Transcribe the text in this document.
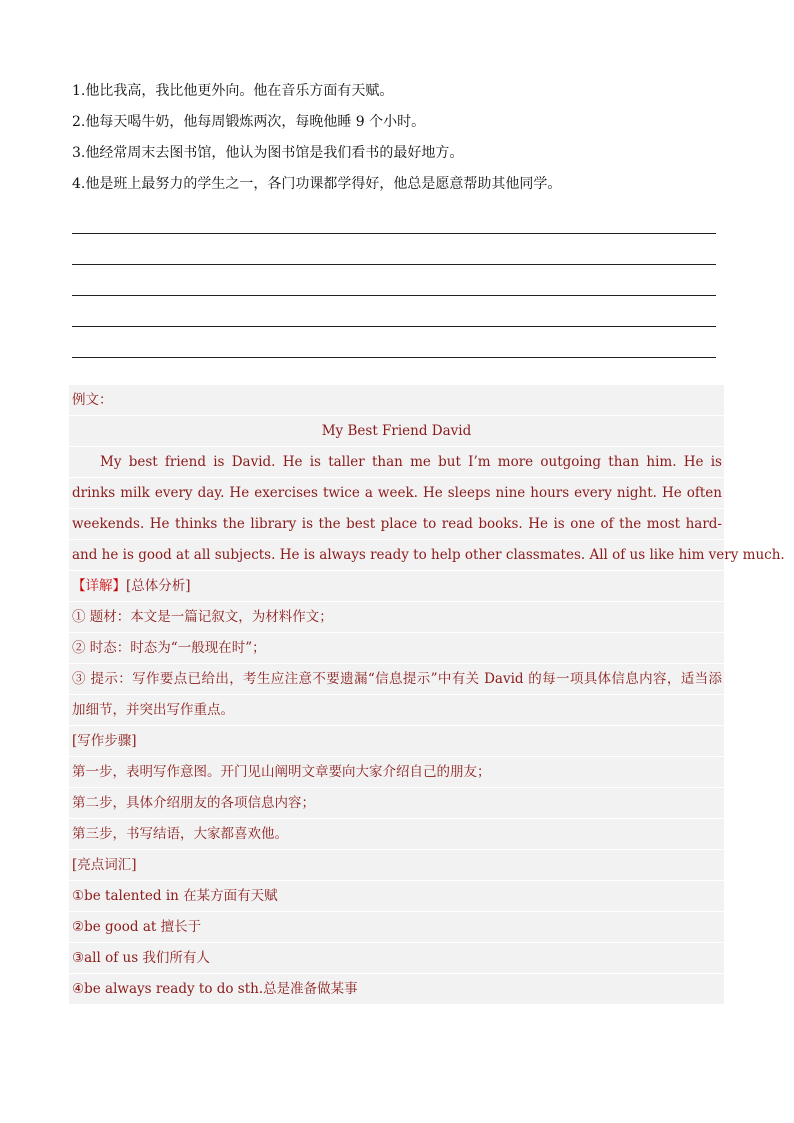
1.他比我高，我比他更外向。他在音乐方面有天赋。
2.他每天喝牛奶，他每周锻炼两次，每晚他睡 9 个小时。
3.他经常周末去图书馆，他认为图书馆是我们看书的最好地方。
4.他是班上最努力的学生之一，各门功课都学得好，他总是愿意帮助其他同学。
例文：
My Best Friend David
My best friend is David. He is taller than me but I’m more outgoing than him. He is
drinks milk every day. He exercises twice a week. He sleeps nine hours every night. He often
weekends. He thinks the library is the best place to read books. He is one of the most hard-
and he is good at all subjects. He is always ready to help other classmates. All of us like him very much.
【详解】[总体分析]
① 题材：本文是一篇记叙文，为材料作文；
② 时态：时态为“一般现在时”；
③ 提示：写作要点已给出，考生应注意不要遗漏“信息提示”中有关 David 的每一项具体信息内容，适当添
加细节，并突出写作重点。
[写作步骤]
第一步，表明写作意图。开门见山阐明文章要向大家介绍自己的朋友；
第二步，具体介绍朋友的各项信息内容；
第三步，书写结语，大家都喜欢他。
[亮点词汇]
①be talented in 在某方面有天赋
②be good at 擅长于
③all of us 我们所有人
④be always ready to do sth.总是准备做某事
